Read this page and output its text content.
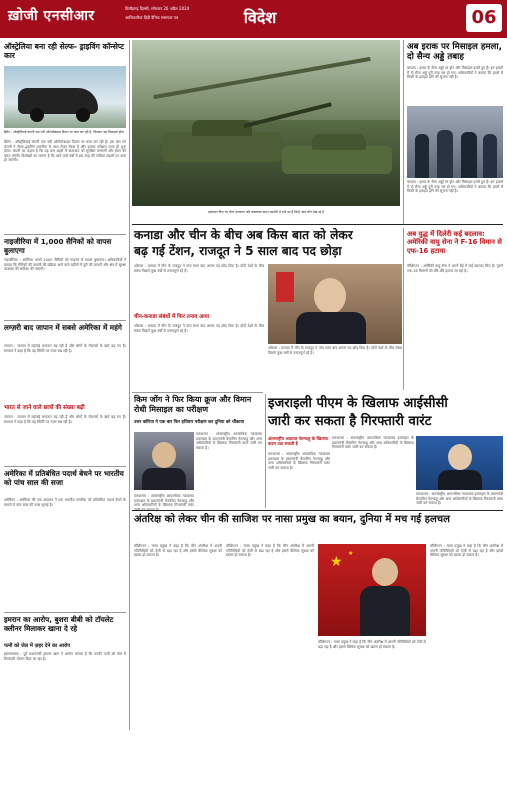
ख़ोजी एनसीआर	चितौड़गढ़ दिल्ली, सोमवार 26 अप्रैल 2024
आधिकारिक हिंदी दैनिक समाचार पत्र	विदेश	06
ऑस्ट्रेलिया बना रही सेल्फ- ड्राइविंग कॉन्सेप्ट कार
ब्रिटेन : ऑस्ट्रेलियाई कंपनी एक नयी ऑटोमोबाइल विज़न पर काम कर रही है, जिसका नाम मिसाइल होगा
ब्रिटेन : ऑस्ट्रेलियाई कंपनी एक नयी ऑटोमोबाइल विज़न पर काम कर रही है। इस कार को कंपनी ने सेल्फ-ड्राइविंग तकनीक के साथ तैयार किया है और इसका परीक्षण जल्द ही शुरू होगा। कंपनी का कहना है कि यह कार शहरों में यातायात को सुरक्षित बनाएगी और ईंधन की बचत करेगी। विशेषज्ञों का मानना है कि आने वाले वर्षों में इस तरह की गाड़ियां सड़कों पर आम हो जाएंगी।
नाइजीरिया में 1,000 सैनिकों को वापस बुलाएगा
नाइजीरिया : अमेरिका अपने 1000 सैनिकों को नाइजर से वापस बुलाएगा। अधिकारियों ने बताया कि सैनिकों की वापसी की प्रक्रिया आने वाले महीनों में पूरी की जाएगी और क्षेत्र में सुरक्षा व्यवस्था की समीक्षा की जाएगी।
लग्ज़री बाद जापान में सबसे अमेरिका में महंगे
जापान : जापान में महंगाई लगातार बढ़ रही है और लोगों के रोज़मर्रा के खर्च बढ़ गए हैं। सरकार ने कहा है कि वह स्थिति पर नज़र रख रही है।
भारत से जाने वाले छात्रों की संख्या बढ़ी
जापान : जापान में महंगाई लगातार बढ़ रही है और लोगों के रोज़मर्रा के खर्च बढ़ गए हैं। सरकार ने कहा है कि वह स्थिति पर नज़र रख रही है।
अमेरिका में प्रतिबंधित पदार्थ बेचने पर भारतीय को पांच साल की सजा
अमेरिका : अमेरिका की एक अदालत ने एक भारतीय नागरिक को प्रतिबंधित पदार्थ बेचने के मामले में पांच साल की सजा सुनाई है।
इमरान का आरोप, बुशरा बीबी को टॉयलेट क्लीनर मिलाकर खाना दे रहे
पत्नी को जेल में ज़हर देने का आरोप
इस्लामाबाद : पूर्व प्रधानमंत्री इमरान खान ने आरोप लगाया है कि उनकी पत्नी को जेल में मिलावटी भोजन दिया जा रहा है।
इस्तेमाल किए गए सैन्य उपकरण और बख्तरबंद वाहन प्रदर्शनी में रखे गए हैं जिन्हें आम लोग देख रहे हैं
अब इराक पर मिसाइल हमला, दो सैन्य अड्डे तबाह
बगदाद : इराक के सैन्य अड्डों पर ड्रोन और मिसाइल हमले हुए हैं। इन हमलों में दो सैन्य अड्डे पूरी तरह नष्ट हो गए। अधिकारियों ने बताया कि हमले में किसी के हताहत होने की सूचना नहीं है।
बगदाद : इराक के सैन्य अड्डों पर ड्रोन और मिसाइल हमले हुए हैं। इन हमलों में दो सैन्य अड्डे पूरी तरह नष्ट हो गए। अधिकारियों ने बताया कि हमले में किसी के हताहत होने की सूचना नहीं है।
कनाडा और चीन के बीच अब किस बात को लेकर
बढ़ गई टेंशन, राजदूत ने 5 साल बाद पद छोड़ा
ओटावा : कनाडा में चीन के राजदूत ने पांच साल बाद अपना पद छोड़ दिया है। दोनों देशों के बीच संबंध पिछले कुछ वर्षों से तनावपूर्ण रहे हैं।
चीन-कनाडा संबंधों में फिर तनाव आया
ओटावा : कनाडा में चीन के राजदूत ने पांच साल बाद अपना पद छोड़ दिया है। दोनों देशों के बीच संबंध पिछले कुछ वर्षों से तनावपूर्ण रहे हैं।
ओटावा : कनाडा में चीन के राजदूत ने पांच साल बाद अपना पद छोड़ दिया है। दोनों देशों के बीच संबंध पिछले कुछ वर्षों से तनावपूर्ण रहे हैं।
अब युद्ध में दिलेरी कई बदलाव: अमेरिकी वायु सेना ने F-16 विमान से एफ-16 हटाया
वॉशिंगटन : अमेरिकी वायु सेना ने अपने बेड़े में कई बदलाव किए हैं। पुराने एफ-16 विमानों को धीरे-धीरे हटाया जा रहा है।
किम जोंग ने फिर किया क्रूज और विमान रोधी मिसाइल का परीक्षण
उत्तर कोरिया ने एक बार फिर हथियार परीक्षण कर दुनिया को चौंकाया
यरूशलम : अंतरराष्ट्रीय आपराधिक न्यायालय इजराइल के प्रधानमंत्री बेंजामिन नेतन्याहू और अन्य अधिकारियों के खिलाफ गिरफ्तारी वारंट जारी कर सकता है।
यरूशलम : अंतरराष्ट्रीय आपराधिक न्यायालय इजराइल के प्रधानमंत्री बेंजामिन नेतन्याहू और अन्य अधिकारियों के खिलाफ गिरफ्तारी वारंट
इजराइली पीएम के खिलाफ आईसीसी
जारी कर सकता है गिरफ्तारी वारंट
अंतरराष्ट्रीय अदालत नेतन्याहू के खिलाफ कदम उठा सकती है
यरूशलम : अंतरराष्ट्रीय आपराधिक न्यायालय इजराइल के प्रधानमंत्री बेंजामिन नेतन्याहू और अन्य अधिकारियों के खिलाफ गिरफ्तारी वारंट जारी कर सकता है।
यरूशलम : अंतरराष्ट्रीय आपराधिक न्यायालय इजराइल के प्रधानमंत्री बेंजामिन नेतन्याहू और अन्य अधिकारियों के खिलाफ गिरफ्तारी वारंट जारी कर सकता है।
यरूशलम : अंतरराष्ट्रीय आपराधिक न्यायालय इजराइल के प्रधानमंत्री बेंजामिन नेतन्याहू और अन्य अधिकारियों के खिलाफ गिरफ्तारी वारंट जारी कर सकता है।
अंतरिक्ष को लेकर चीन की साजिश पर नासा प्रमुख का बयान, दुनिया में मच गई हलचल
वॉशिंगटन : नासा प्रमुख ने कहा है कि चीन अंतरिक्ष में अपनी गतिविधियों को तेजी से बढ़ा रहा है और इससे वैश्विक सुरक्षा को खतरा हो सकता है।
वॉशिंगटन : नासा प्रमुख ने कहा है कि चीन अंतरिक्ष में अपनी गतिविधियों को तेजी से बढ़ा रहा है और इससे वैश्विक सुरक्षा को खतरा हो सकता है।	★
★
वॉशिंगटन : नासा प्रमुख ने कहा है कि चीन अंतरिक्ष में अपनी गतिविधियों को तेजी से बढ़ा रहा है और इससे वैश्विक सुरक्षा को खतरा हो सकता है।
वॉशिंगटन : नासा प्रमुख ने कहा है कि चीन अंतरिक्ष में अपनी गतिविधियों को तेजी से बढ़ा रहा है और इससे वैश्विक सुरक्षा को खतरा हो सकता है।
